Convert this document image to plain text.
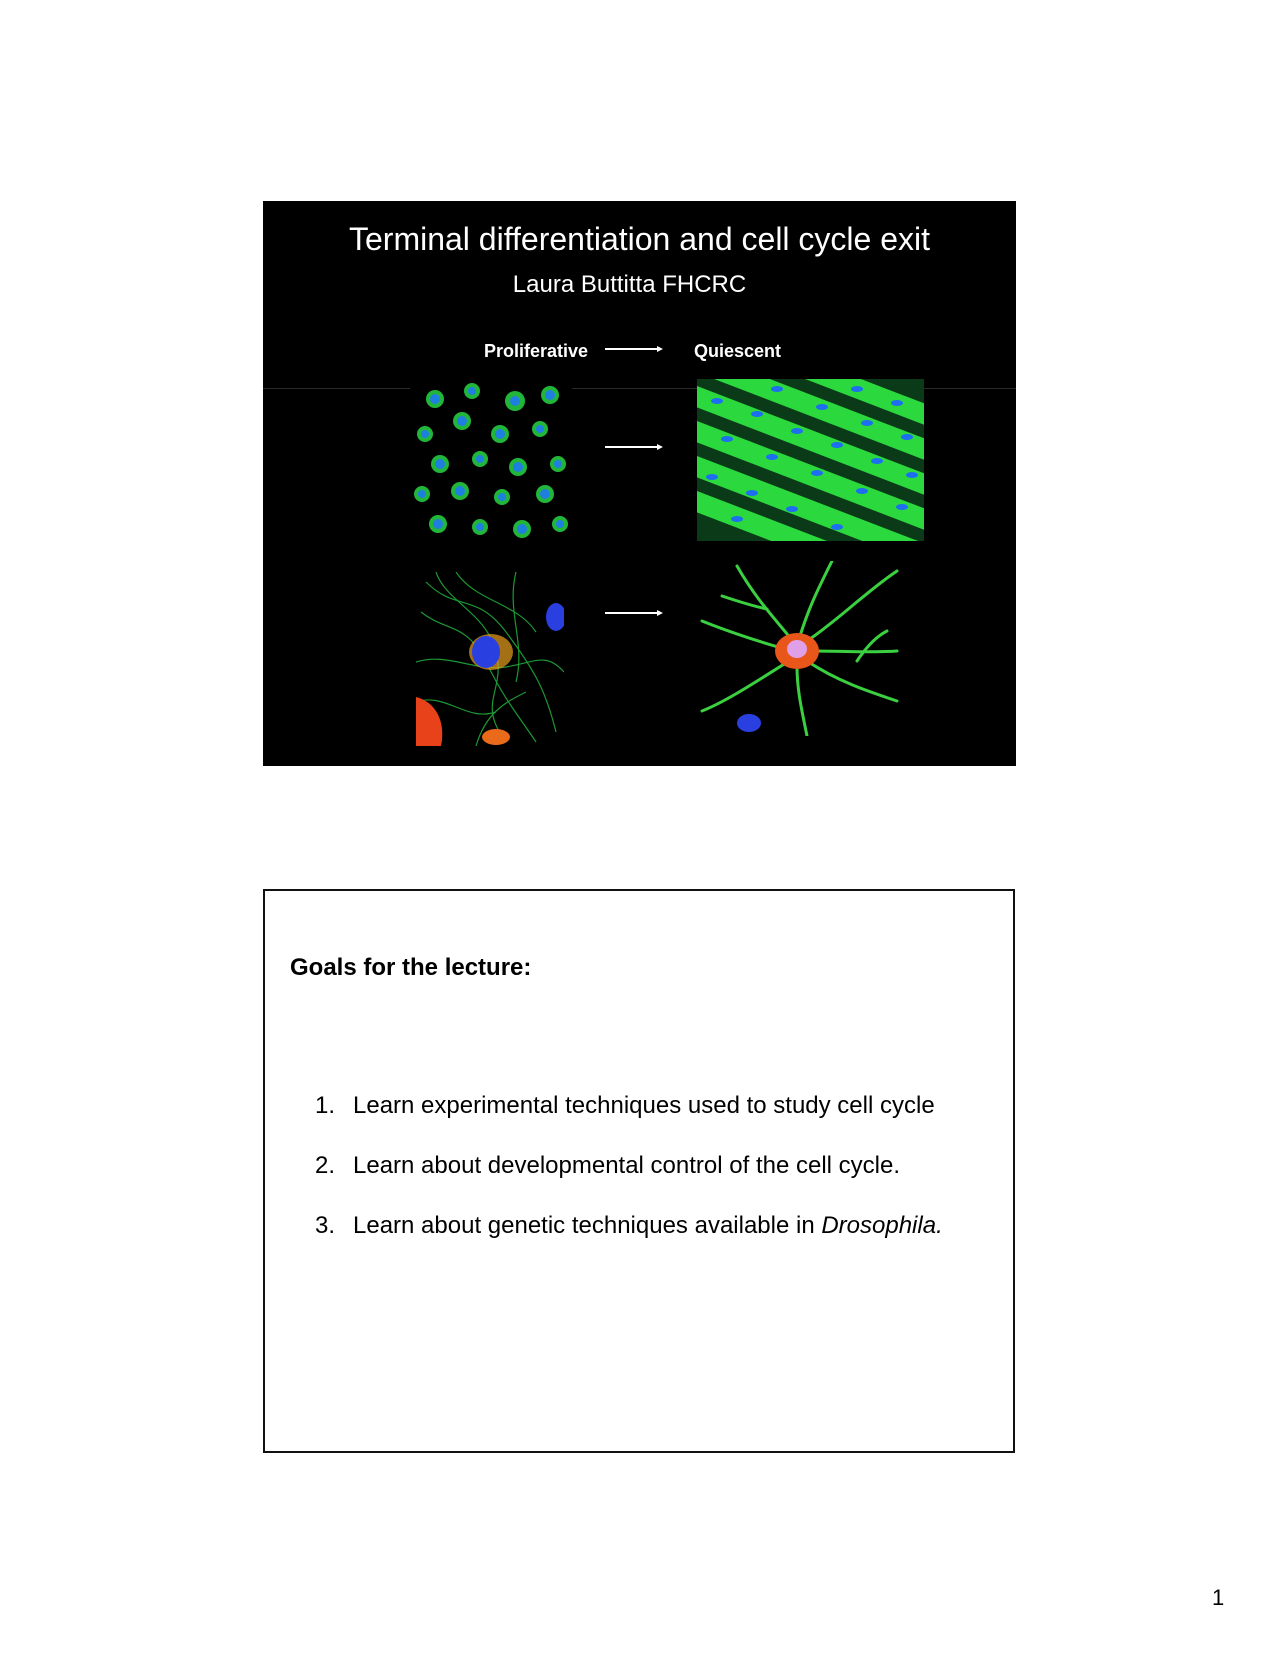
Terminal differentiation and cell cycle exit
Laura Buttitta FHCRC
Proliferative	Quiescent
Goals for the lecture:
1. Learn experimental techniques used to study cell cycle
2. Learn about developmental control of the cell cycle.
3. Learn about genetic techniques available in Drosophila.
1
